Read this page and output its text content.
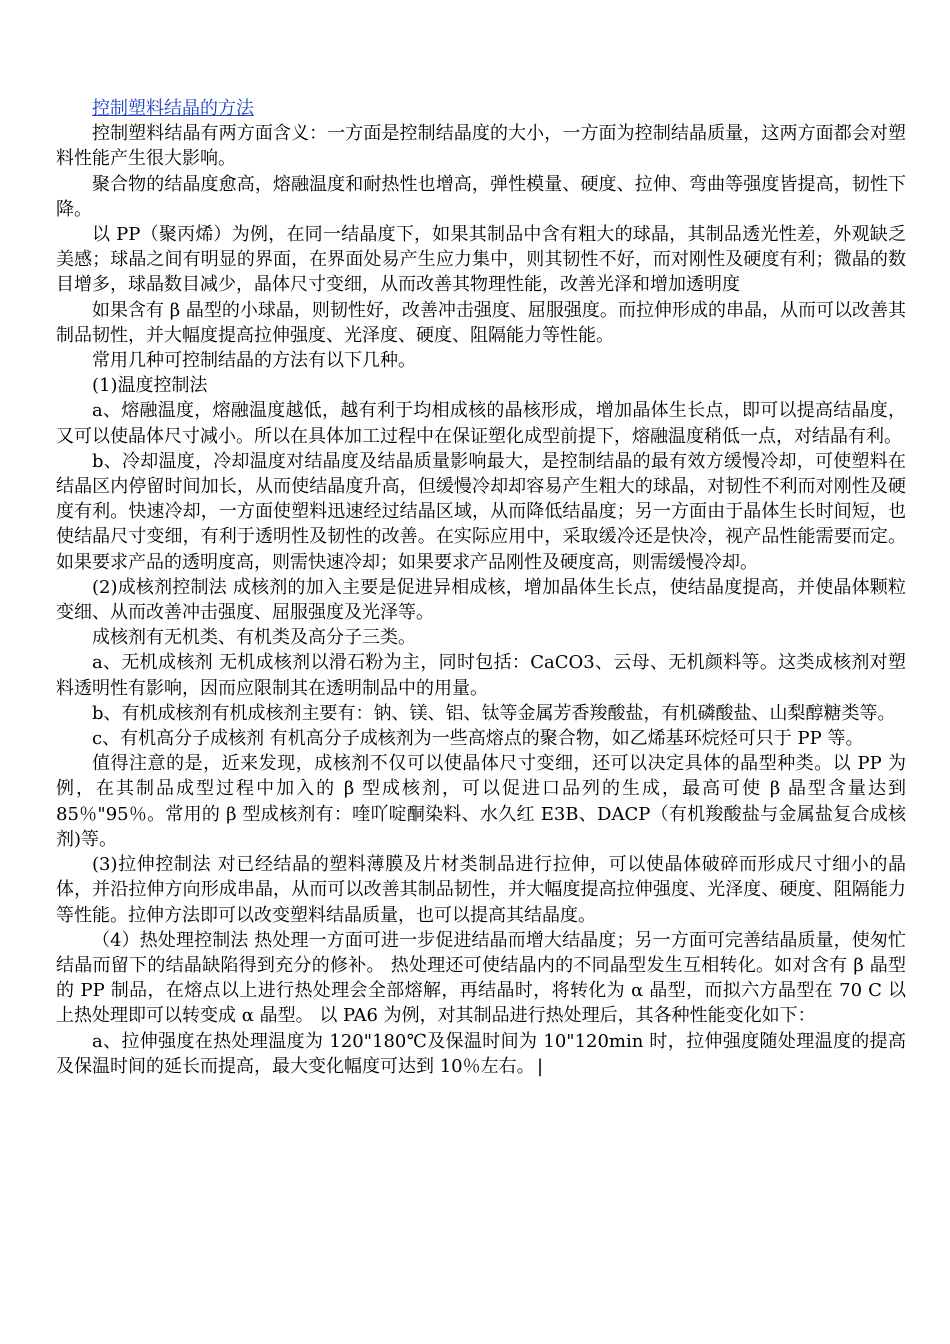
控制塑料结晶的方法

控制塑料结晶有两方面含义：一方面是控制结晶度的大小，一方面为控制结晶质量，这两方面都会对塑料性能产生很大影响。

聚合物的结晶度愈高，熔融温度和耐热性也增高，弹性模量、硬度、拉伸、弯曲等强度皆提高，韧性下降。

以 PP（聚丙烯）为例，在同一结晶度下，如果其制品中含有粗大的球晶，其制品透光性差，外观缺乏美感；球晶之间有明显的界面，在界面处易产生应力集中，则其韧性不好，而对刚性及硬度有利；微晶的数目增多，球晶数目减少，晶体尺寸变细，从而改善其物理性能，改善光泽和增加透明度

如果含有 β 晶型的小球晶，则韧性好，改善冲击强度、屈服强度。而拉伸形成的串晶，从而可以改善其制品韧性，并大幅度提高拉伸强度、光泽度、硬度、阻隔能力等性能。

常用几种可控制结晶的方法有以下几种。

(1)温度控制法

a、熔融温度，熔融温度越低，越有利于均相成核的晶核形成，增加晶体生长点，即可以提高结晶度，又可以使晶体尺寸减小。所以在具体加工过程中在保证塑化成型前提下，熔融温度稍低一点，对结晶有利。

b、冷却温度，冷却温度对结晶度及结晶质量影响最大，是控制结晶的最有效方缓慢冷却，可使塑料在结晶区内停留时间加长，从而使结晶度升高，但缓慢冷却却容易产生粗大的球晶，对韧性不利而对刚性及硬度有利。快速冷却，一方面使塑料迅速经过结晶区域，从而降低结晶度；另一方面由于晶体生长时间短，也使结晶尺寸变细，有利于透明性及韧性的改善。在实际应用中，采取缓冷还是快冷，视产品性能需要而定。如果要求产品的透明度高，则需快速冷却；如果要求产品刚性及硬度高，则需缓慢冷却。

(2)成核剂控制法 成核剂的加入主要是促进异相成核，增加晶体生长点，使结晶度提高，并使晶体颗粒变细、从而改善冲击强度、屈服强度及光泽等。

成核剂有无机类、有机类及高分子三类。

a、无机成核剂 无机成核剂以滑石粉为主，同时包括：CaCO3、云母、无机颜料等。这类成核剂对塑料透明性有影响，因而应限制其在透明制品中的用量。

b、有机成核剂有机成核剂主要有：钠、镁、铝、钛等金属芳香羧酸盐，有机磷酸盐、山梨醇糖类等。

c、有机高分子成核剂 有机高分子成核剂为一些高熔点的聚合物，如乙烯基环烷烃可只于 PP 等。

值得注意的是，近来发现，成核剂不仅可以使晶体尺寸变细，还可以决定具体的晶型种类。以 PP 为例，在其制品成型过程中加入的 β 型成核剂，可以促进口品列的生成，最高可使 β 晶型含量达到 85％"95％。常用的 β 型成核剂有：喹吖啶酮染料、水久红 E3B、DACP（有机羧酸盐与金属盐复合成核剂)等。

(3)拉伸控制法 对已经结晶的塑料薄膜及片材类制品进行拉伸，可以使晶体破碎而形成尺寸细小的晶体，并沿拉伸方向形成串晶，从而可以改善其制品韧性，并大幅度提高拉伸强度、光泽度、硬度、阻隔能力等性能。拉伸方法即可以改变塑料结晶质量，也可以提高其结晶度。

（4）热处理控制法 热处理一方面可进一步促进结晶而增大结晶度；另一方面可完善结晶质量，使匆忙结晶而留下的结晶缺陷得到充分的修补。 热处理还可使结晶内的不同晶型发生互相转化。如对含有 β 晶型的 PP 制品，在熔点以上进行热处理会全部熔解，再结晶时，将转化为 α 晶型，而拟六方晶型在 70 C 以上热处理即可以转变成 α 晶型。 以 PA6 为例，对其制品进行热处理后，其各种性能变化如下：

a、拉伸强度在热处理温度为 120"180℃及保温时间为 10"120min 时，拉伸强度随处理温度的提高及保温时间的延长而提高，最大变化幅度可达到 10％左右。|
